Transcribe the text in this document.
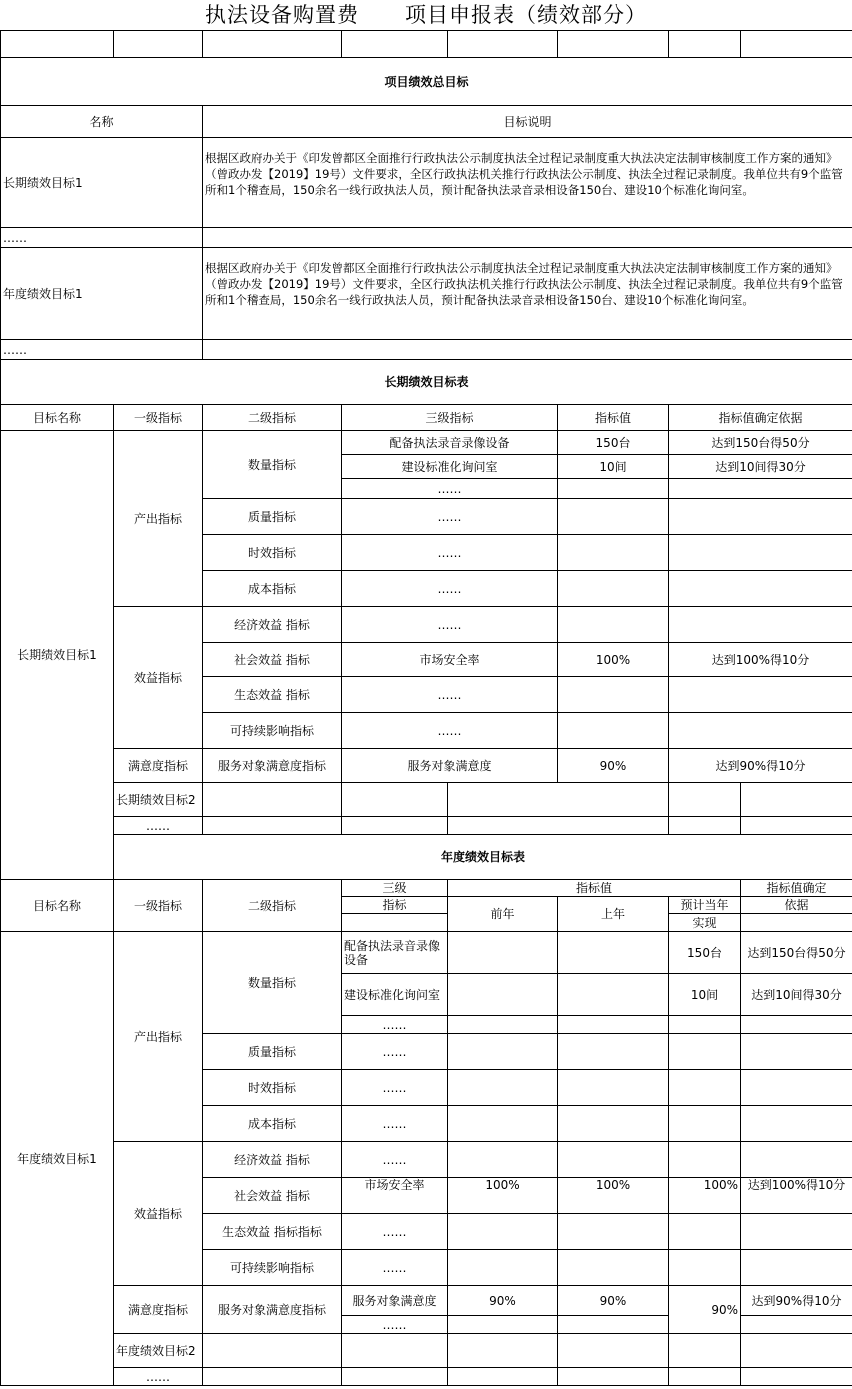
执法设备购置费      项目申报表（绩效部分）

项目绩效总目标								
名称		目标说明						
长期绩效目标1		根据区政府办关于《印发曾都区全面推行行政执法公示制度执法全过程记录制度重大执法决定法制审核制度工作方案的通知》（曾政办发【2019】19号）文件要求，全区行政执法机关推行行政执法公示制度、执法全过程记录制度。我单位共有9个监管所和1个稽查局，150余名一线行政执法人员，预计配备执法录音录相设备150台、建设10个标准化询问室。						
……								
年度绩效目标1		根据区政府办关于《印发曾都区全面推行行政执法公示制度执法全过程记录制度重大执法决定法制审核制度工作方案的通知》（曾政办发【2019】19号）文件要求，全区行政执法机关推行行政执法公示制度、执法全过程记录制度。我单位共有9个监管所和1个稽查局，150余名一线行政执法人员，预计配备执法录音录相设备150台、建设10个标准化询问室。						
……								
长期绩效目标表								
目标名称	一级指标	二级指标	三级指标		指标值	指标值确定依据		
长期绩效目标1	产出指标	数量指标	配备执法录音录像设备		150台	达到150台得50分		
			建设标准化询问室		10间	达到10间得30分		
			……					
		质量指标	……					
		时效指标	……					
		成本指标	……					
	效益指标	经济效益 指标	……					
		社会效益 指标	市场安全率		100%	达到100%得10分		
		生态效益 指标	……					
		可持续影响指标	……					
	满意度指标	服务对象满意度指标	服务对象满意度		90%	达到90%得10分		
	长期绩效目标2							
	……							
	年度绩效目标表							
目标名称	一级指标	二级指标	三级	指标值			指标值确定	
			指标	前年	上年	预计当年	依据	
						实现		
年度绩效目标1	产出指标	数量指标	配备执法录音录像设备			150台	达到150台得50分	
			建设标准化询问室			10间	达到10间得30分	
			……					
		质量指标	……					
		时效指标	……					
		成本指标	……					
	效益指标	经济效益 指标	……					
		社会效益 指标	市场安全率	100%	100%	100%	达到100%得10分	
		生态效益 指标指标	……					
		可持续影响指标	……					
	满意度指标	服务对象满意度指标	服务对象满意度	90%	90%	90%	达到90%得10分	
			……					
	年度绩效目标2							
	……							
